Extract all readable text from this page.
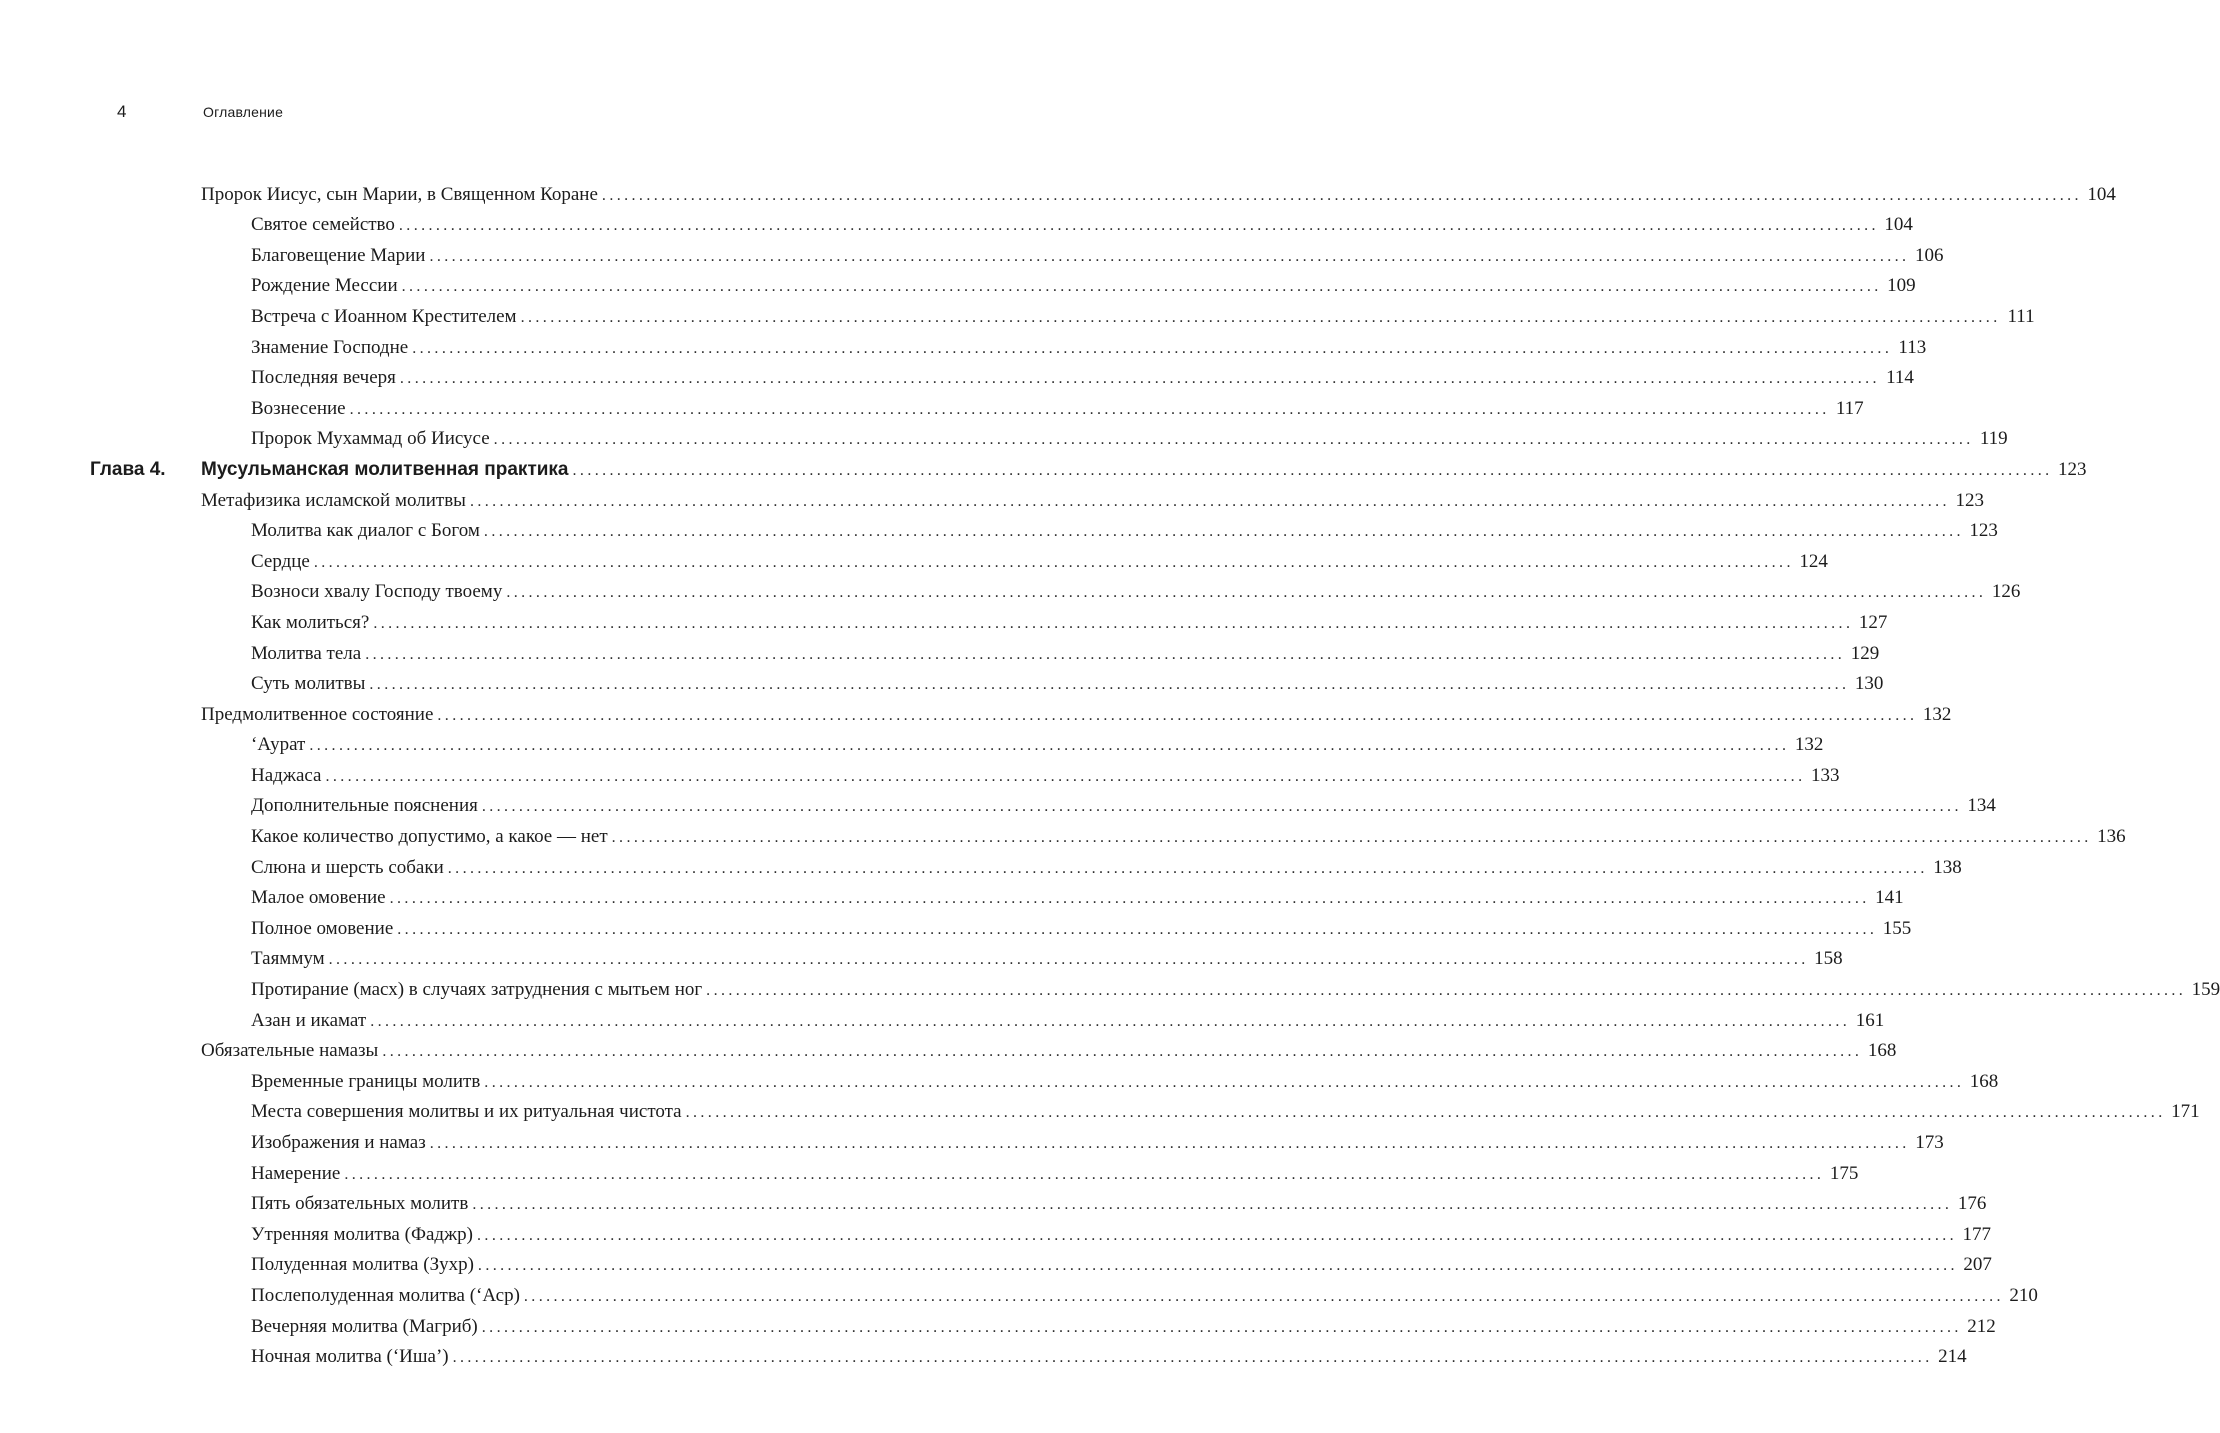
4	Оглавление
Пророк Иисус, сын Марии, в Священном Коране ........................................................................................................................................................................................................ 104
Святое семейство ........................................................................................................................................................................................................ 104
Благовещение Марии ........................................................................................................................................................................................................ 106
Рождение Мессии ........................................................................................................................................................................................................ 109
Встреча с Иоанном Крестителем ........................................................................................................................................................................................................ 111
Знамение Господне ........................................................................................................................................................................................................ 113
Последняя вечеря ........................................................................................................................................................................................................ 114
Вознесение ........................................................................................................................................................................................................ 117
Пророк Мухаммад об Иисусе ........................................................................................................................................................................................................ 119
Глава 4. Мусульманская молитвенная практика ........................................................................................................................................................................................................ 123
Метафизика исламской молитвы ........................................................................................................................................................................................................ 123
Молитва как диалог с Богом ........................................................................................................................................................................................................ 123
Сердце ........................................................................................................................................................................................................ 124
Возноси хвалу Господу твоему ........................................................................................................................................................................................................ 126
Как молиться? ........................................................................................................................................................................................................ 127
Молитва тела ........................................................................................................................................................................................................ 129
Суть молитвы ........................................................................................................................................................................................................ 130
Предмолитвенное состояние ........................................................................................................................................................................................................ 132
‘Аурат ........................................................................................................................................................................................................ 132
Наджаса ........................................................................................................................................................................................................ 133
Дополнительные пояснения ........................................................................................................................................................................................................ 134
Какое количество допустимо, а какое — нет ........................................................................................................................................................................................................ 136
Слюна и шерсть собаки ........................................................................................................................................................................................................ 138
Малое омовение ........................................................................................................................................................................................................ 141
Полное омовение ........................................................................................................................................................................................................ 155
Таяммум ........................................................................................................................................................................................................ 158
Протирание (масх) в случаях затруднения с мытьем ног ........................................................................................................................................................................................................ 159
Азан и икамат ........................................................................................................................................................................................................ 161
Обязательные намазы ........................................................................................................................................................................................................ 168
Временные границы молитв ........................................................................................................................................................................................................ 168
Места совершения молитвы и их ритуальная чистота ........................................................................................................................................................................................................ 171
Изображения и намаз ........................................................................................................................................................................................................ 173
Намерение ........................................................................................................................................................................................................ 175
Пять обязательных молитв ........................................................................................................................................................................................................ 176
Утренняя молитва (Фаджр) ........................................................................................................................................................................................................ 177
Полуденная молитва (Зухр) ........................................................................................................................................................................................................ 207
Послеполуденная молитва (‘Аср) ........................................................................................................................................................................................................ 210
Вечерняя молитва (Магриб) ........................................................................................................................................................................................................ 212
Ночная молитва (‘Иша’) ........................................................................................................................................................................................................ 214
